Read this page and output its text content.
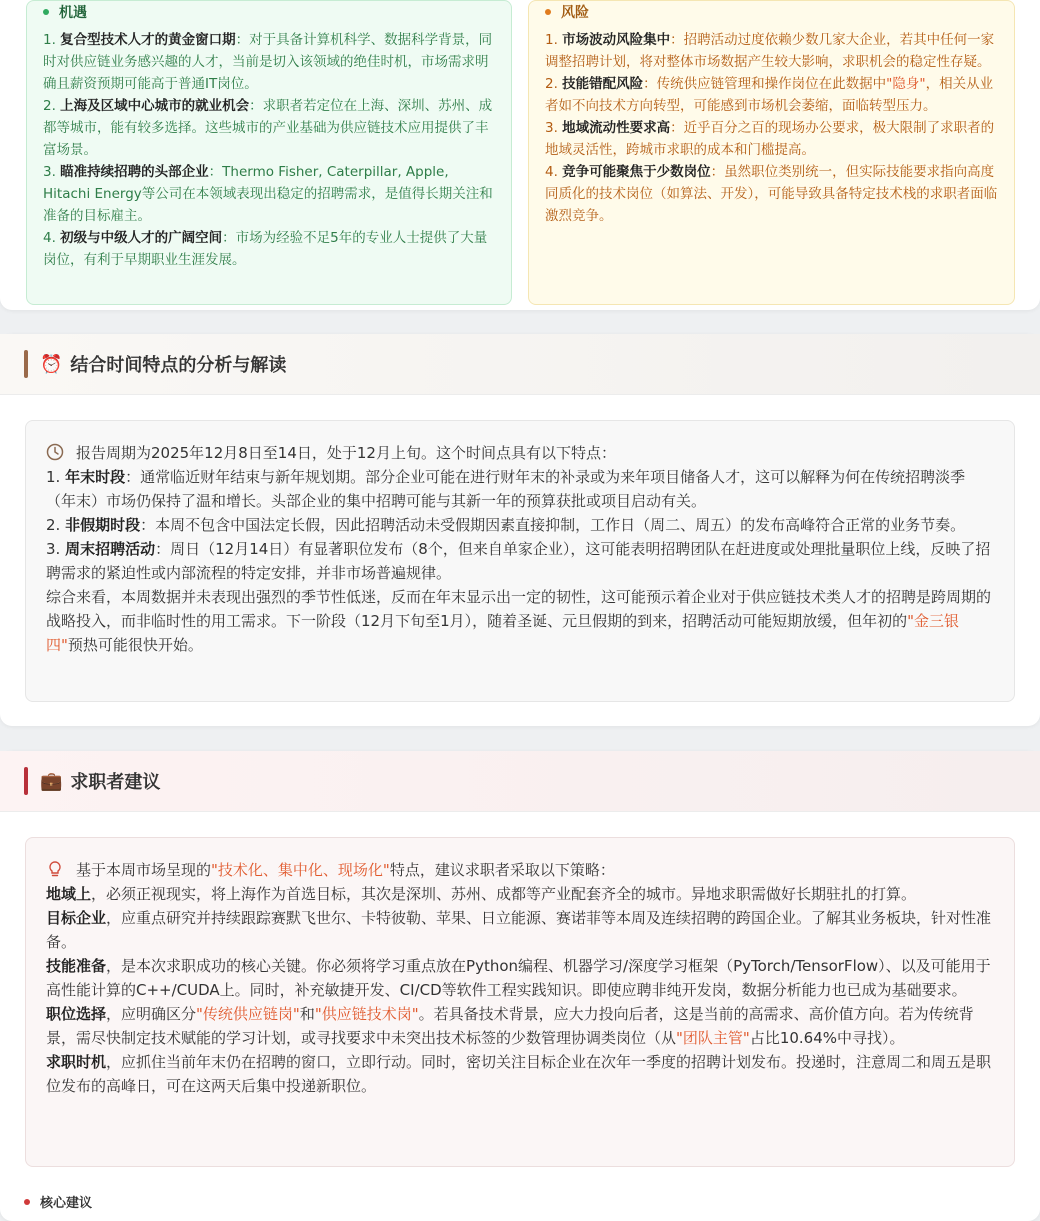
机遇
1. 复合型技术人才的黄金窗口期：对于具备计算机科学、数据科学背景，同时对供应链业务感兴趣的人才，当前是切入该领域的绝佳时机，市场需求明确且薪资预期可能高于普通IT岗位。
2. 上海及区域中心城市的就业机会：求职者若定位在上海、深圳、苏州、成都等城市，能有较多选择。这些城市的产业基础为供应链技术应用提供了丰富场景。
3. 瞄准持续招聘的头部企业：Thermo Fisher, Caterpillar, Apple, Hitachi Energy等公司在本领域表现出稳定的招聘需求，是值得长期关注和准备的目标雇主。
4. 初级与中级人才的广阔空间：市场为经验不足5年的专业人士提供了大量岗位，有利于早期职业生涯发展。
风险
1. 市场波动风险集中：招聘活动过度依赖少数几家大企业，若其中任何一家调整招聘计划，将对整体市场数据产生较大影响，求职机会的稳定性存疑。
2. 技能错配风险：传统供应链管理和操作岗位在此数据中"隐身"，相关从业者如不向技术方向转型，可能感到市场机会萎缩，面临转型压力。
3. 地域流动性要求高：近乎百分之百的现场办公要求，极大限制了求职者的地域灵活性，跨城市求职的成本和门槛提高。
4. 竞争可能聚焦于少数岗位：虽然职位类别统一，但实际技能要求指向高度同质化的技术岗位（如算法、开发），可能导致具备特定技术栈的求职者面临激烈竞争。
⏰ 结合时间特点的分析与解读

报告周期为2025年12月8日至14日，处于12月上旬。这个时间点具有以下特点：

1. 年末时段：通常临近财年结束与新年规划期。部分企业可能在进行财年末的补录或为来年项目储备人才，这可以解释为何在传统招聘淡季（年末）市场仍保持了温和增长。头部企业的集中招聘可能与其新一年的预算获批或项目启动有关。

2. 非假期时段：本周不包含中国法定长假，因此招聘活动未受假期因素直接抑制，工作日（周二、周五）的发布高峰符合正常的业务节奏。

3. 周末招聘活动：周日（12月14日）有显著职位发布（8个，但来自单家企业），这可能表明招聘团队在赶进度或处理批量职位上线，反映了招聘需求的紧迫性或内部流程的特定安排，并非市场普遍规律。

综合来看，本周数据并未表现出强烈的季节性低迷，反而在年末显示出一定的韧性，这可能预示着企业对于供应链技术类人才的招聘是跨周期的战略投入，而非临时性的用工需求。下一阶段（12月下旬至1月），随着圣诞、元旦假期的到来，招聘活动可能短期放缓，但年初的"金三银四"预热可能很快开始。

💼 求职者建议

基于本周市场呈现的"技术化、集中化、现场化"特点，建议求职者采取以下策略：

地域上，必须正视现实，将上海作为首选目标，其次是深圳、苏州、成都等产业配套齐全的城市。异地求职需做好长期驻扎的打算。

目标企业，应重点研究并持续跟踪赛默飞世尔、卡特彼勒、苹果、日立能源、赛诺菲等本周及连续招聘的跨国企业。了解其业务板块，针对性准备。

技能准备，是本次求职成功的核心关键。你必须将学习重点放在Python编程、机器学习/深度学习框架（PyTorch/TensorFlow）、以及可能用于高性能计算的C++/CUDA上。同时，补充敏捷开发、CI/CD等软件工程实践知识。即使应聘非纯开发岗，数据分析能力也已成为基础要求。

职位选择，应明确区分"传统供应链岗"和"供应链技术岗"。若具备技术背景，应大力投向后者，这是当前的高需求、高价值方向。若为传统背景，需尽快制定技术赋能的学习计划，或寻找要求中未突出技术标签的少数管理协调类岗位（从"团队主管"占比10.64%中寻找）。

求职时机，应抓住当前年末仍在招聘的窗口，立即行动。同时，密切关注目标企业在次年一季度的招聘计划发布。投递时，注意周二和周五是职位发布的高峰日，可在这两天后集中投递新职位。

核心建议
